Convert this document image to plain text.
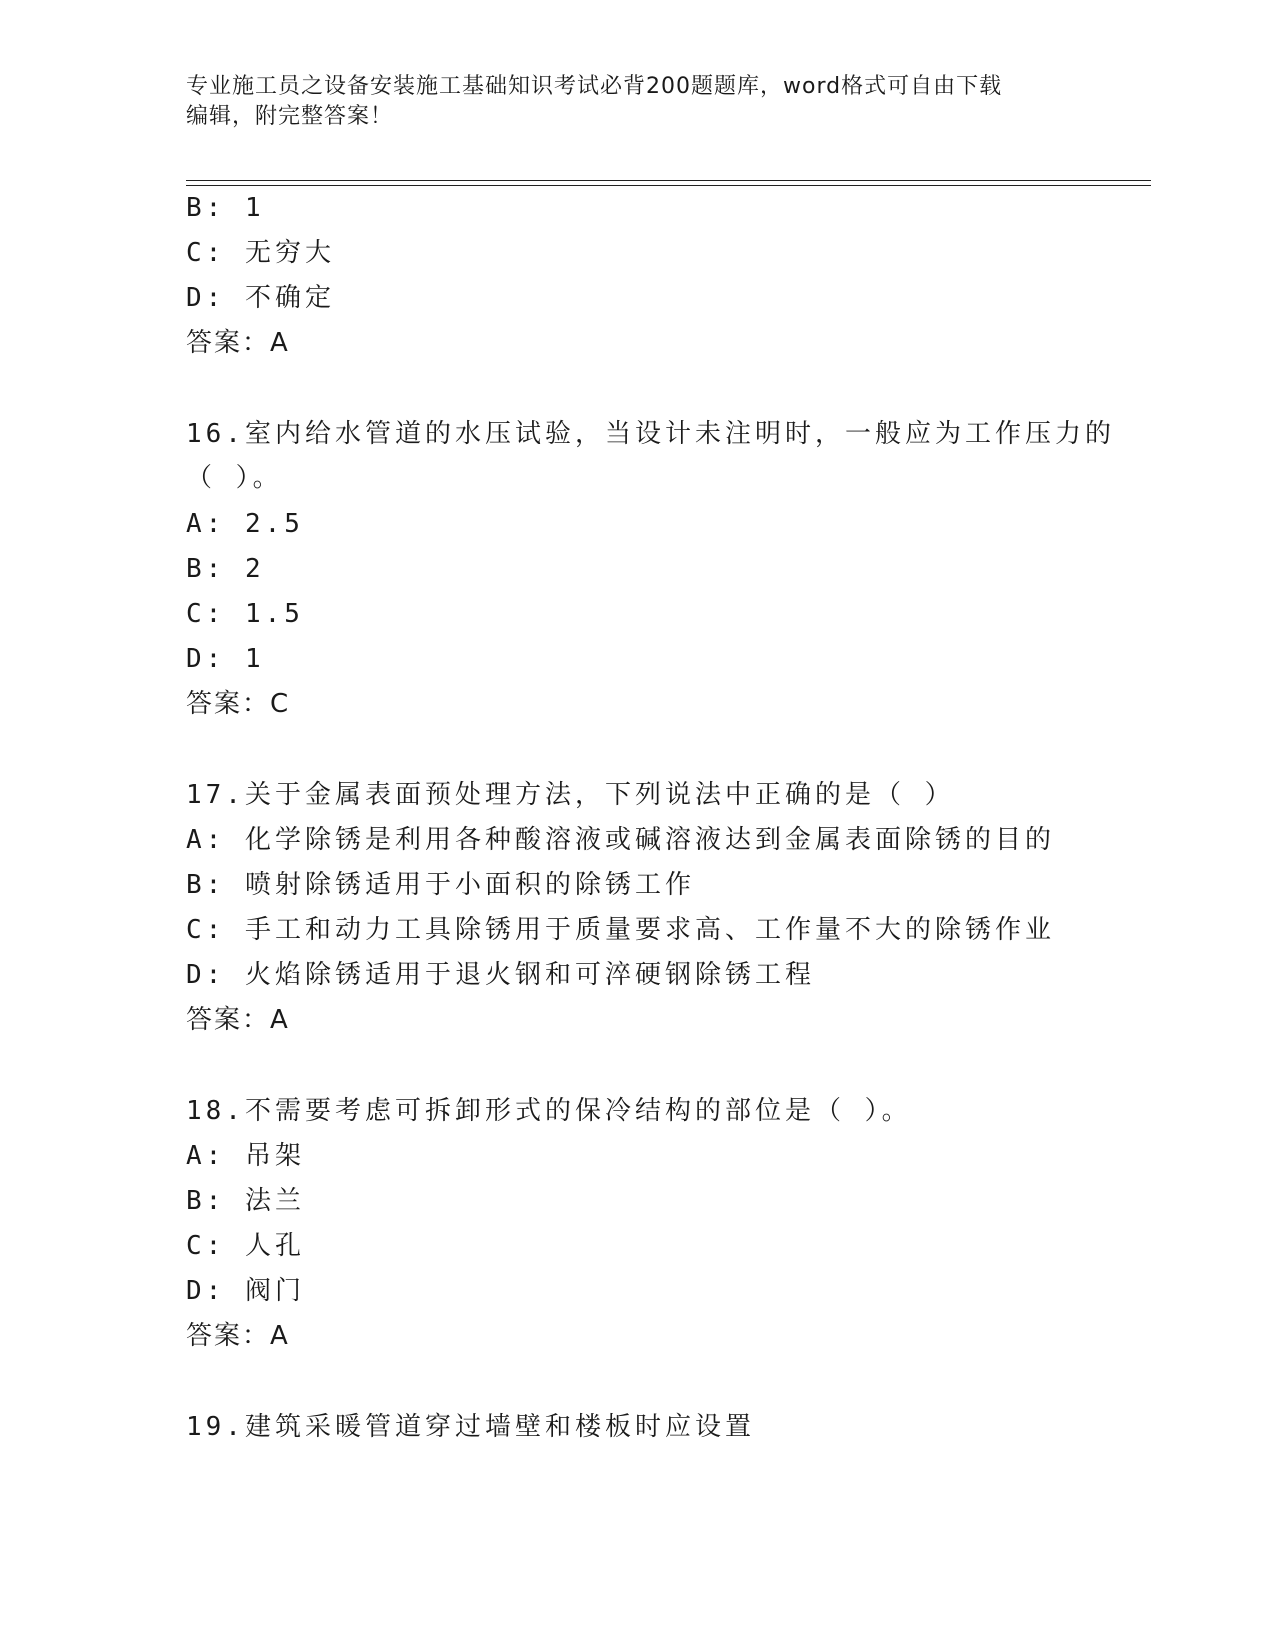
专业施工员之设备安装施工基础知识考试必背200题题库，word格式可自由下载
编辑，附完整答案！
B: 1
C: 无穷大
D: 不确定
答案：A
16.室内给水管道的水压试验，当设计未注明时，一般应为工作压力的
（ ）。
A: 2.5
B: 2
C: 1.5
D: 1
答案：C
17.关于金属表面预处理方法，下列说法中正确的是（ ）
A: 化学除锈是利用各种酸溶液或碱溶液达到金属表面除锈的目的
B: 喷射除锈适用于小面积的除锈工作
C: 手工和动力工具除锈用于质量要求高、工作量不大的除锈作业
D: 火焰除锈适用于退火钢和可淬硬钢除锈工程
答案：A
18.不需要考虑可拆卸形式的保冷结构的部位是（ ）。
A: 吊架
B: 法兰
C: 人孔
D: 阀门
答案：A
19.建筑采暖管道穿过墙壁和楼板时应设置
